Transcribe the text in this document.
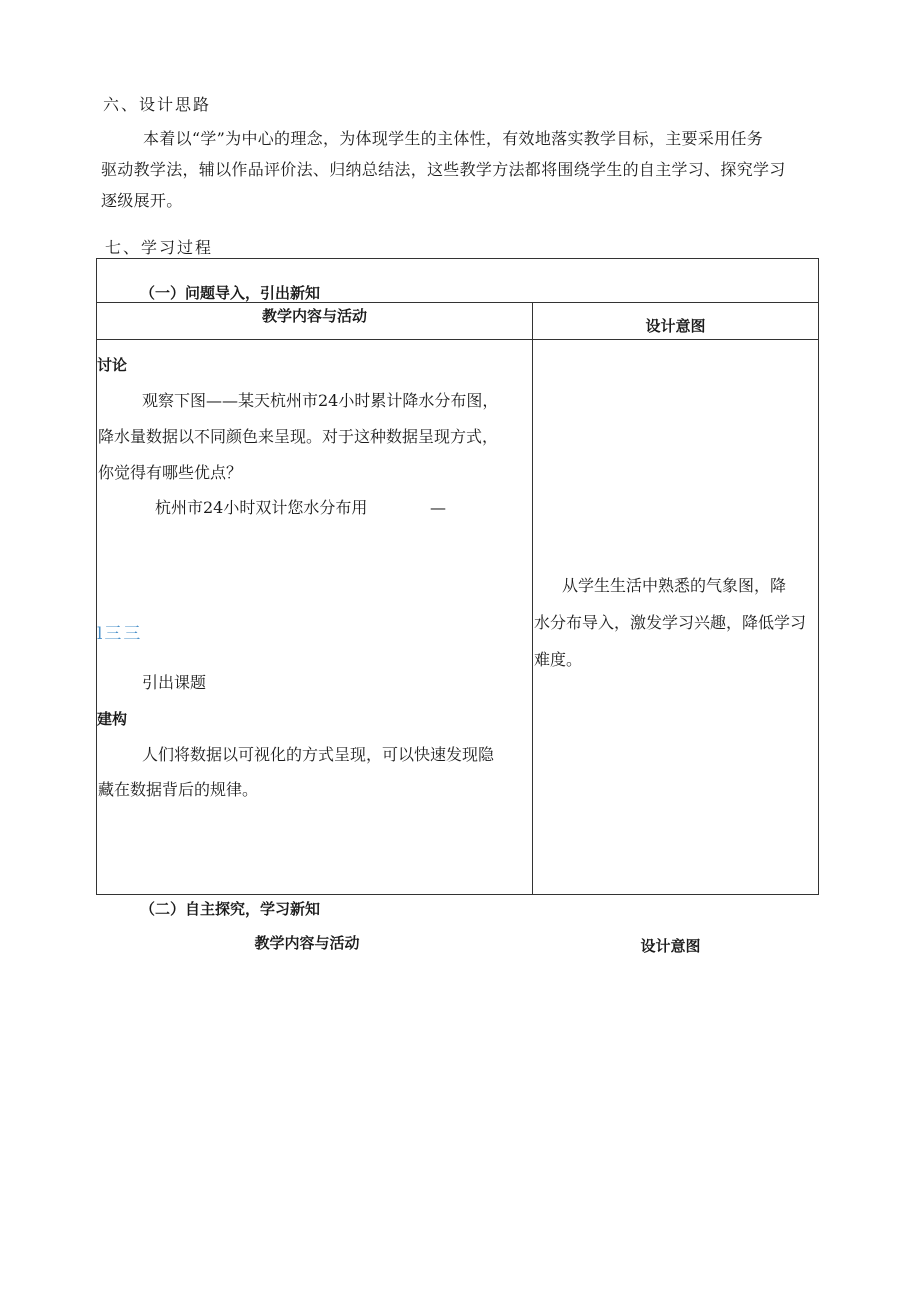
六、设计思路
本着以“学”为中心的理念，为体现学生的主体性，有效地落实教学目标，主要采用任务
驱动教学法，辅以作品评价法、归纳总结法，这些教学方法都将围绕学生的自主学习、探究学习
逐级展开。
七、学习过程
（一）问题导入，引出新知
教学内容与活动
设计意图
讨论
观察下图——某天杭州市24小时累计降水分布图，
降水量数据以不同颜色来呈现。对于这种数据呈现方式，
你觉得有哪些优点？
杭州市24小时双计您水分布用	—
l三三
引出课题
建构
人们将数据以可视化的方式呈现，可以快速发现隐
藏在数据背后的规律。
从学生生活中熟悉的气象图，降
水分布导入，激发学习兴趣，降低学习
难度。
（二）自主探究，学习新知
教学内容与活动	设计意图
